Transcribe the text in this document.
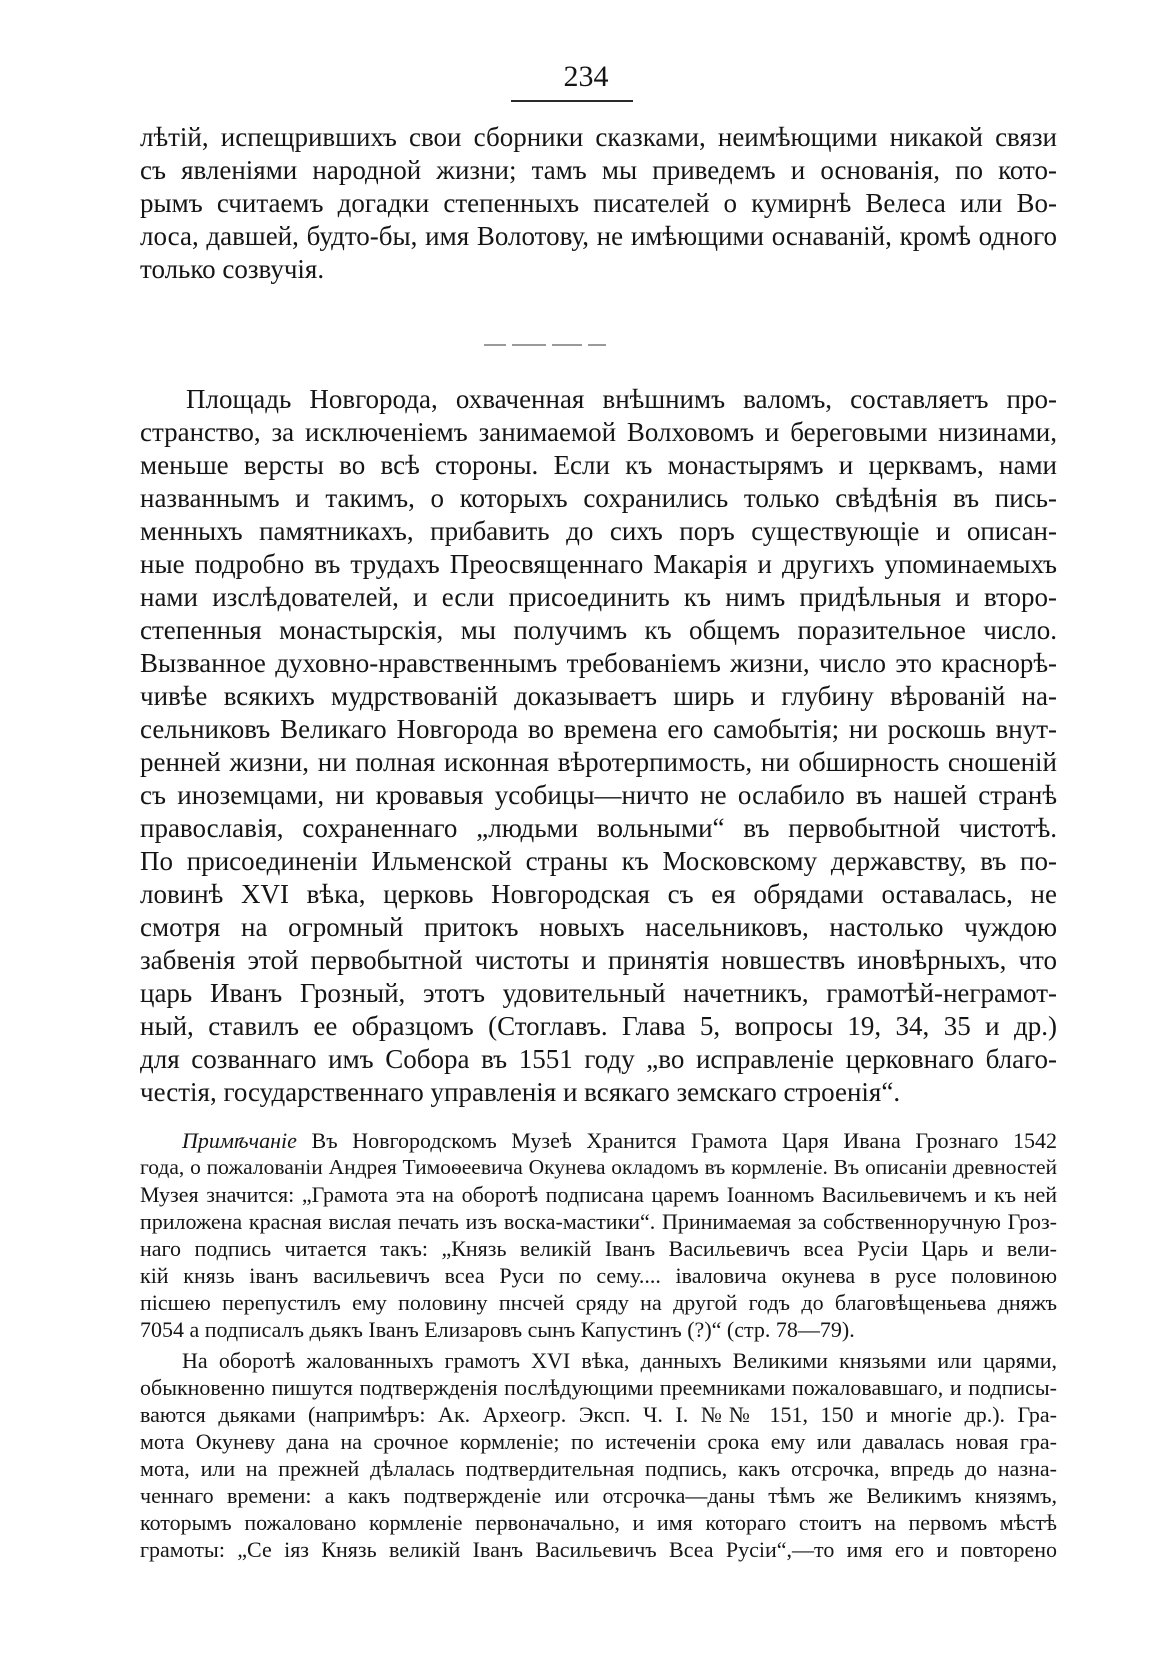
234
лѣтій, испещрившихъ свои сборники сказками, неимѣющими никакой связи
съ явленіями народной жизни; тамъ мы приведемъ и основанія, по кото-
рымъ считаемъ догадки степенныхъ писателей о кумирнѣ Велеса или Во-
лоса, давшей, будто-бы, имя Волотову, не имѣющими оснаваній, кромѣ одного
только созвучія.
Площадь Новгорода, охваченная внѣшнимъ валомъ, составляетъ про-
странство, за исключеніемъ занимаемой Волховомъ и береговыми низинами,
меньше версты во всѣ стороны. Если къ монастырямъ и церквамъ, нами
названнымъ и такимъ, о которыхъ сохранились только свѣдѣнія въ пись-
менныхъ памятникахъ, прибавить до сихъ поръ существующіе и описан-
ные подробно въ трудахъ Преосвященнаго Макарія и другихъ упоминаемыхъ
нами изслѣдователей, и если присоединить къ нимъ придѣльныя и второ-
степенныя монастырскія, мы получимъ къ общемъ поразительное число.
Вызванное духовно-нравственнымъ требованіемъ жизни, число это краснорѣ-
чивѣе всякихъ мудрствованій доказываетъ ширь и глубину вѣрованій на-
сельниковъ Великаго Новгорода во времена его самобытія; ни роскошь внут-
ренней жизни, ни полная исконная вѣротерпимость, ни обширность сношеній
съ иноземцами, ни кровавыя усобицы—ничто не ослабило въ нашей странѣ
православія, сохраненнаго „людьми вольными“ въ первобытной чистотѣ.
По присоединеніи Ильменской страны къ Московскому державству, въ по-
ловинѣ XVI вѣка, церковь Новгородская съ ея обрядами оставалась, не
смотря на огромный притокъ новыхъ насельниковъ, настолько чуждою
забвенія этой первобытной чистоты и принятія новшествъ иновѣрныхъ, что
царь Иванъ Грозный, этотъ удовительный начетникъ, грамотѣй-неграмот-
ный, ставилъ ее образцомъ (Стоглавъ. Глава 5, вопросы 19, 34, 35 и др.)
для созваннаго имъ Собора въ 1551 году „во исправленіе церковнаго благо-
честія, государственнаго управленія и всякаго земскаго строенія“.
Примѣчаніе Въ Новгородскомъ Музеѣ Хранится Грамота Царя Ивана Грознаго 1542
года, о пожалованіи Андрея Тимоѳеевича Окунева окладомъ въ кормленіе. Въ описаніи древностей
Музея значится: „Грамота эта на оборотѣ подписана царемъ Іоанномъ Васильевичемъ и къ ней
приложена красная вислая печать изъ воска-мастики“. Принимаемая за собственноручную Гроз-
наго подпись читается такъ: „Князь великій Іванъ Васильевичъ всеа Русіи Царь и вели-
кій князь іванъ васильевичъ всеа Руси по сему.... іваловича окунева в русе половиною
пісшею перепустилъ ему половину пнсчей сряду на другой годъ до благовѣщеньева дняжъ
7054 а подписалъ дьякъ Іванъ Елизаровъ сынъ Капустинъ (?)“ (стр. 78—79).
На оборотѣ жалованныхъ грамотъ XVI вѣка, данныхъ Великими князьями или царями,
обыкновенно пишутся подтвержденія послѣдующими преемниками пожаловавшаго, и подписы-
ваются дьяками (напримѣръ: Ак. Археогр. Эксп. Ч. I. №№ 151, 150 и многіе др.). Гра-
мота Окуневу дана на срочное кормленіе; по истеченіи срока ему или давалась новая гра-
мота, или на прежней дѣлалась подтвердительная подпись, какъ отсрочка, впредь до назна-
ченнаго времени: а какъ подтвержденіе или отсрочка—даны тѣмъ же Великимъ князямъ,
которымъ пожаловано кормленіе первоначально, и имя котораго стоитъ на первомъ мѣстѣ
грамоты: „Се іяз Князь великій Іванъ Васильевичъ Всеа Русіи“,—то имя его и повторено
